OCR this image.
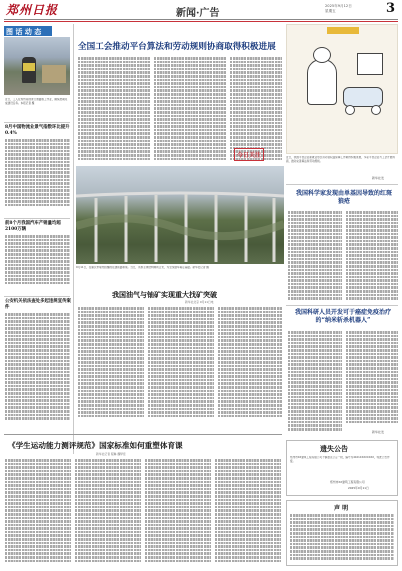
郑州日报	新闻·广告
2025年9月12日
星期五	3
图 话 动 态
近日，工人在郑州某地进行道路施工作业，确保按期完成建设任务。本报记者 摄
8月中国物流业景气指数环比提升0.4%
前8个月我国汽车产销量均超2100万辆
公安机关依法查处多起违规宣传案件
全国工会推动平台算法和劳动规则协商取得积极进展
今日关注	近日，我国平台企业新就业形态劳动者权益保障工作取得积极进展，多家平台企业与工会开展协商，推动完善算法和劳动规则。
新华社发
9月11日，在重庆市境内拍摄的在建铁路桥梁。当日，该桥主体结构顺利合龙，为全线通车奠定基础。新华社记者 摄
我国油气与铀矿实现重大找矿突破
新华社北京 9月11日电
我国科学家发现由单基因导致的红斑狼疮
我国科研人员开发可于癌症免疫治疗的“纳米斩杀机器人”
新华社发
《学生运动能力测评规范》国家标准如何重塑体育课
新华社记者 程琳 魏梦佳
遗失公告
郑州市XX建筑工程有限公司不慎遗失公章一枚，编号为4101XXXXXXXX，特此公告作废。
郑州市XX建筑工程有限公司
2025年9月11日
声 明
